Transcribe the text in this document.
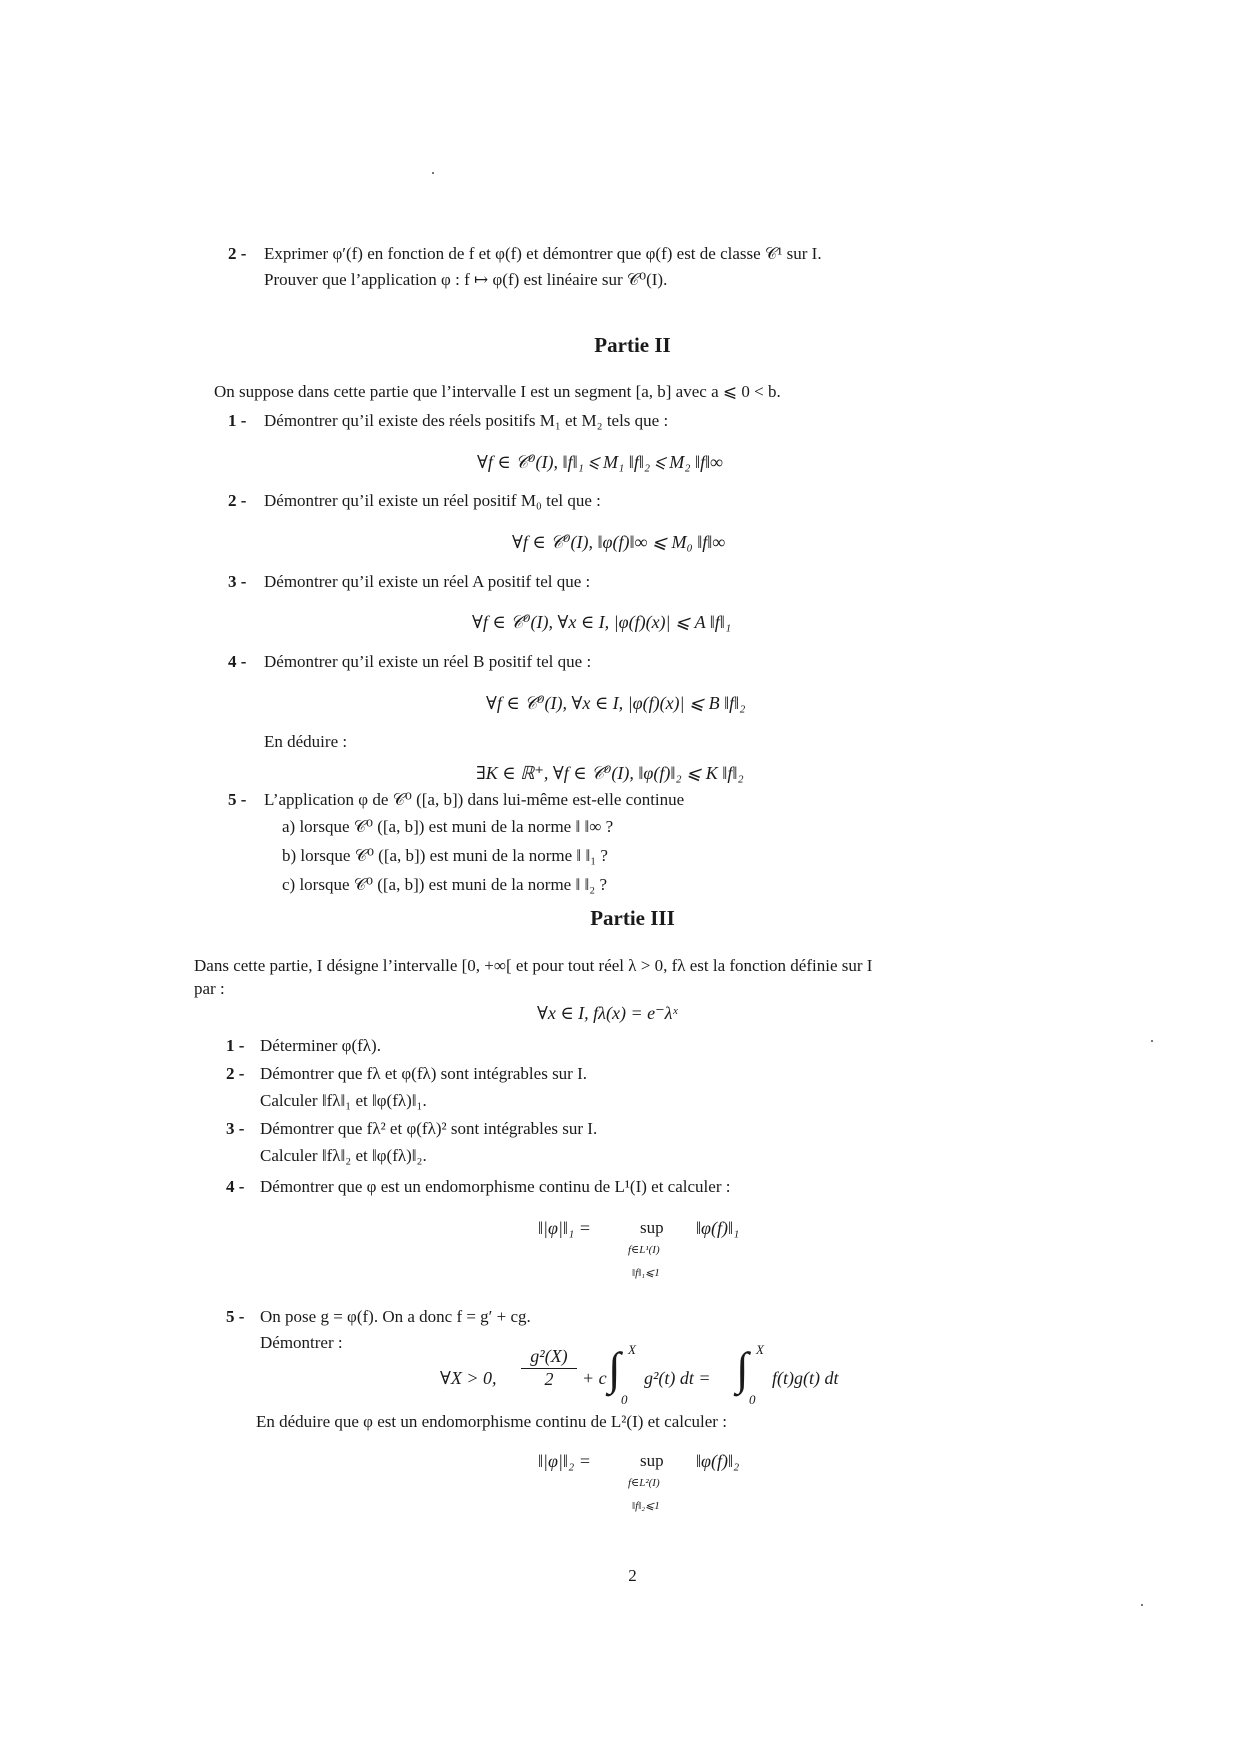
2 - Exprimer φ′(f) en fonction de f et φ(f) et démontrer que φ(f) est de classe 𝒞¹ sur I.
Prouver que l’application φ : f ↦ φ(f) est linéaire sur 𝒞⁰(I).
Partie II
On suppose dans cette partie que l’intervalle I est un segment [a, b] avec a ⩽ 0 < b.
1 - Démontrer qu’il existe des réels positifs M₁ et M₂ tels que :
∀f ∈ 𝒞⁰(I), ‖f‖₁ ⩽ M₁ ‖f‖₂ ⩽ M₂ ‖f‖∞
2 - Démontrer qu’il existe un réel positif M₀ tel que :
∀f ∈ 𝒞⁰(I), ‖φ(f)‖∞ ⩽ M₀ ‖f‖∞
3 - Démontrer qu’il existe un réel A positif tel que :
∀f ∈ 𝒞⁰(I), ∀x ∈ I, |φ(f)(x)| ⩽ A ‖f‖₁
4 - Démontrer qu’il existe un réel B positif tel que :
∀f ∈ 𝒞⁰(I), ∀x ∈ I, |φ(f)(x)| ⩽ B ‖f‖₂
En déduire :
∃K ∈ ℝ⁺, ∀f ∈ 𝒞⁰(I), ‖φ(f)‖₂ ⩽ K ‖f‖₂
5 - L’application φ de 𝒞⁰ ([a, b]) dans lui-même est-elle continue
a) lorsque 𝒞⁰ ([a, b]) est muni de la norme ‖ ‖∞ ?
b) lorsque 𝒞⁰ ([a, b]) est muni de la norme ‖ ‖₁ ?
c) lorsque 𝒞⁰ ([a, b]) est muni de la norme ‖ ‖₂ ?
Partie III
Dans cette partie, I désigne l’intervalle [0, +∞[ et pour tout réel λ > 0, fλ est la fonction définie sur I
par :
∀x ∈ I, fλ(x) = e⁻λˣ
1 - Déterminer φ(fλ).
2 - Démontrer que fλ et φ(fλ) sont intégrables sur I.
Calculer ‖fλ‖₁ et ‖φ(fλ)‖₁.
3 - Démontrer que fλ² et φ(fλ)² sont intégrables sur I.
Calculer ‖fλ‖₂ et ‖φ(fλ)‖₂.
4 - Démontrer que φ est un endomorphisme continu de L¹(I) et calculer :
‖|φ|‖₁ =	sup
f∈L¹(I)
‖f‖₁⩽1
‖φ(f)‖₁
5 - On pose g = φ(f). On a donc f = g′ + cg.
Démontrer :
∀X > 0, $\frac{\text{g²(X)}}{2} + c$ ∫ X
0
g²(t) dt = ∫ X
0
f(t)g(t) dt
En déduire que φ est un endomorphisme continu de L²(I) et calculer :
‖|φ|‖₂ =	sup
f∈L²(I)
‖f‖₂⩽1
‖φ(f)‖₂
2
